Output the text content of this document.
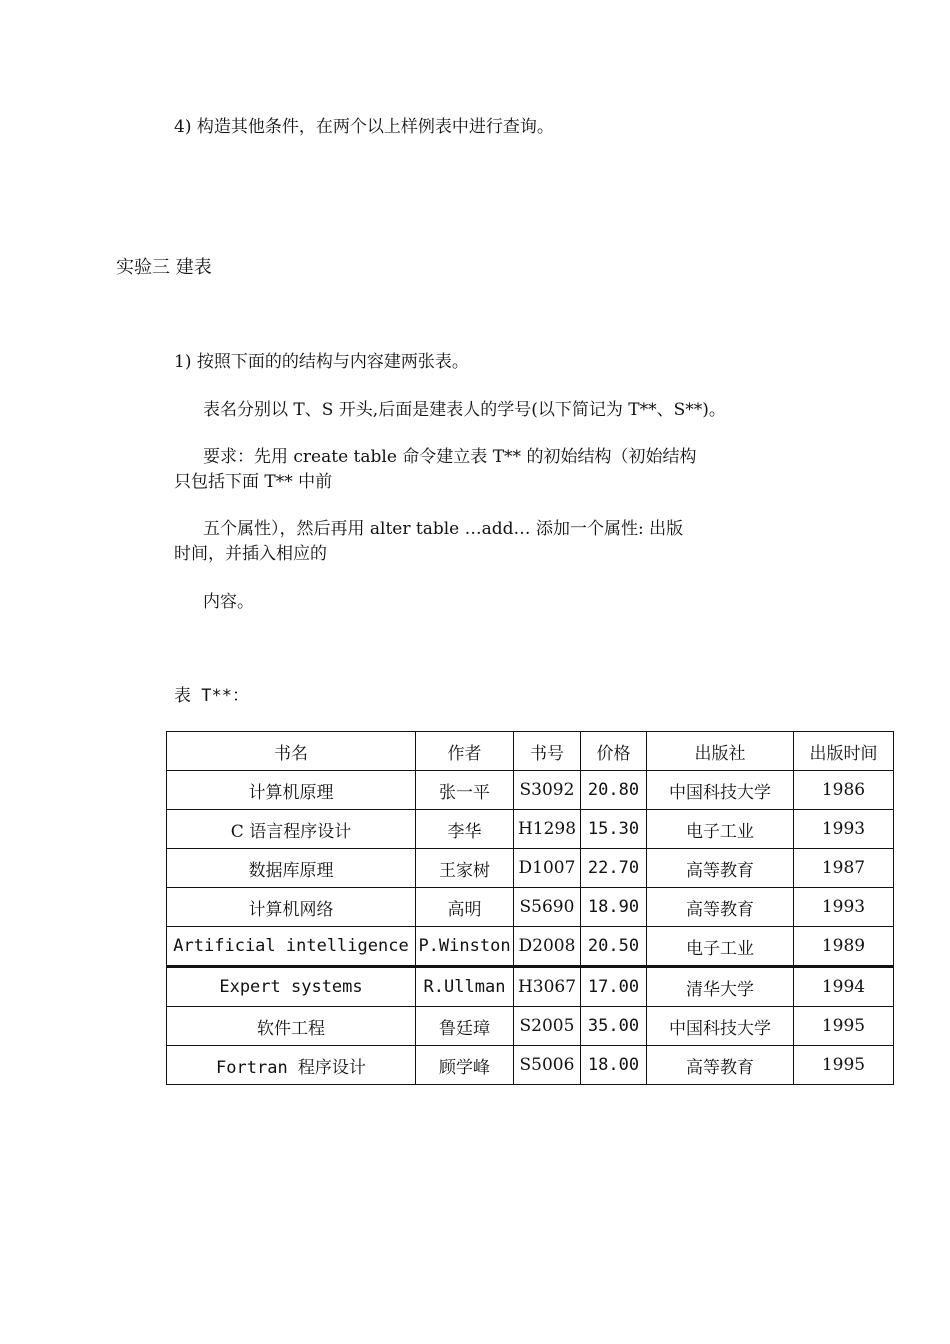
4) 构造其他条件，在两个以上样例表中进行查询。
实验三 建表
1) 按照下面的的结构与内容建两张表。
表名分别以 T、S 开头,后面是建表人的学号(以下简记为 T**、S**)。
要求：先用 create table 命令建立表 T** 的初始结构（初始结构
只包括下面 T** 中前
五个属性），然后再用 alter table …add… 添加一个属性: 出版
时间，并插入相应的
内容。
表 T**：
书名	作者	书号	价格	出版社	出版时间
计算机原理	张一平	S3092	20.80	中国科技大学	1986
C 语言程序设计	李华	H1298	15.30	电子工业	1993
数据库原理	王家树	D1007	22.70	高等教育	1987
计算机网络	高明	S5690	18.90	高等教育	1993
Artificial intelligence	P.Winston	D2008	20.50	电子工业	1989
Expert systems	R.Ullman	H3067	17.00	清华大学	1994
软件工程	鲁廷璋	S2005	35.00	中国科技大学	1995
Fortran 程序设计	顾学峰	S5006	18.00	高等教育	1995
